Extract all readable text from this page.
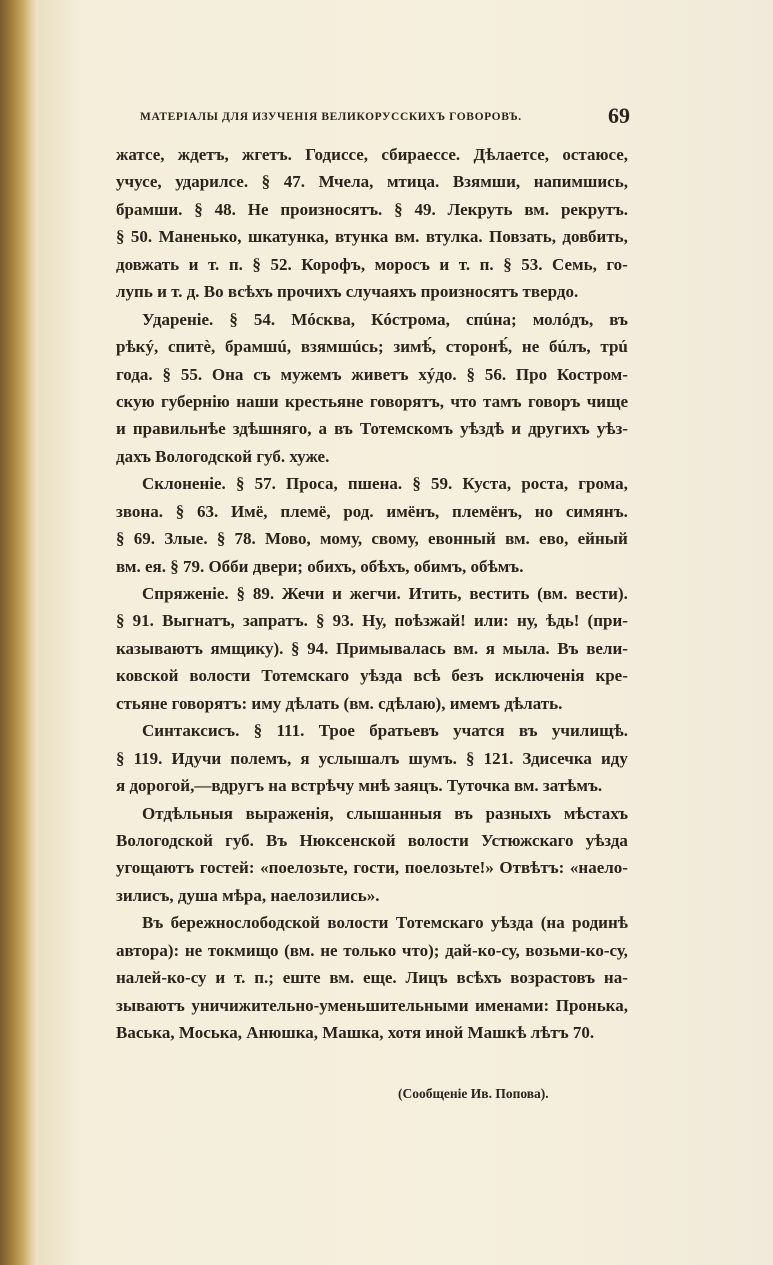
МАТЕРІАЛЫ ДЛЯ ИЗУЧЕНІЯ ВЕЛИКОРУССКИХЪ ГОВОРОВЪ.	69
жатсе, ждетъ, жгетъ. Годиссе, сбираессе. Дѣлаетсе, остаюсе,
учусе, ударилсе. § 47. Мчела, мтица. Взямши, напимшись,
брамши. § 48. Не произносятъ. § 49. Лекруть вм. рекрутъ.
§ 50. Маненько, шкатунка, втунка вм. втулка. Повзать, довбить,
довжать и т. п. § 52. Корофъ, моросъ и т. п. § 53. Семь, го-
лупь и т. д. Во всѣхъ прочихъ случаяхъ произносятъ твердо.
Удареніе. § 54. Мóсква, Кóстрома, спúна; молóдъ, въ
рѣкý, спитѐ, брамшú, взямшúсь; зимѣ́, сторонѣ́, не бúлъ, трú
года. § 55. Она съ мужемъ живетъ хýдо. § 56. Про Костром-
скую губернію наши крестьяне говорятъ, что тамъ говоръ чище
и правильнѣе здѣшняго, а въ Тотемскомъ уѣздѣ и другихъ уѣз-
дахъ Вологодской губ. хуже.
Склоненіе. § 57. Проса, пшена. § 59. Куста, роста, грома,
звона. § 63. Имё, племё, род. имёнъ, племёнъ, но симянъ.
§ 69. Злые. § 78. Мово, мому, свому, евонный вм. ево, ейный
вм. ея. § 79. Обби двери; обихъ, обѣхъ, обимъ, обѣмъ.
Спряженіе. § 89. Жечи и жегчи. Итить, вестить (вм. вести).
§ 91. Выгнатъ, запратъ. § 93. Ну, поѣзжай! или: ну, ѣдь! (при-
казываютъ ямщику). § 94. Примывалась вм. я мыла. Въ вели-
ковской волости Тотемскаго уѣзда всѣ безъ исключенія кре-
стьяне говорятъ: иму дѣлать (вм. сдѣлаю), имемъ дѣлать.
Синтаксисъ. § 111. Трое братьевъ учатся въ училищѣ.
§ 119. Идучи полемъ, я услышалъ шумъ. § 121. Здисечка иду
я дорогой,—вдругъ на встрѣчу мнѣ заяцъ. Туточка вм. затѣмъ.
Отдѣльныя выраженія, слышанныя въ разныхъ мѣстахъ
Вологодской губ. Въ Нюксенской волости Устюжскаго уѣзда
угощаютъ гостей: «поелозьте, гости, поелозьте!» Отвѣтъ: «наело-
зилисъ, душа мѣра, наелозились».
Въ бережнослободской волости Тотемскаго уѣзда (на родинѣ
автора): не токмищо (вм. не только что); дай-ко-су, возьми-ко-су,
налей-ко-су и т. п.; еште вм. еще. Лицъ всѣхъ возрастовъ на-
зываютъ уничижительно-уменьшительными именами: Пронька,
Васька, Моська, Анюшка, Машка, хотя иной Машкѣ лѣтъ 70.
(Сообщеніе Ив. Попова).
